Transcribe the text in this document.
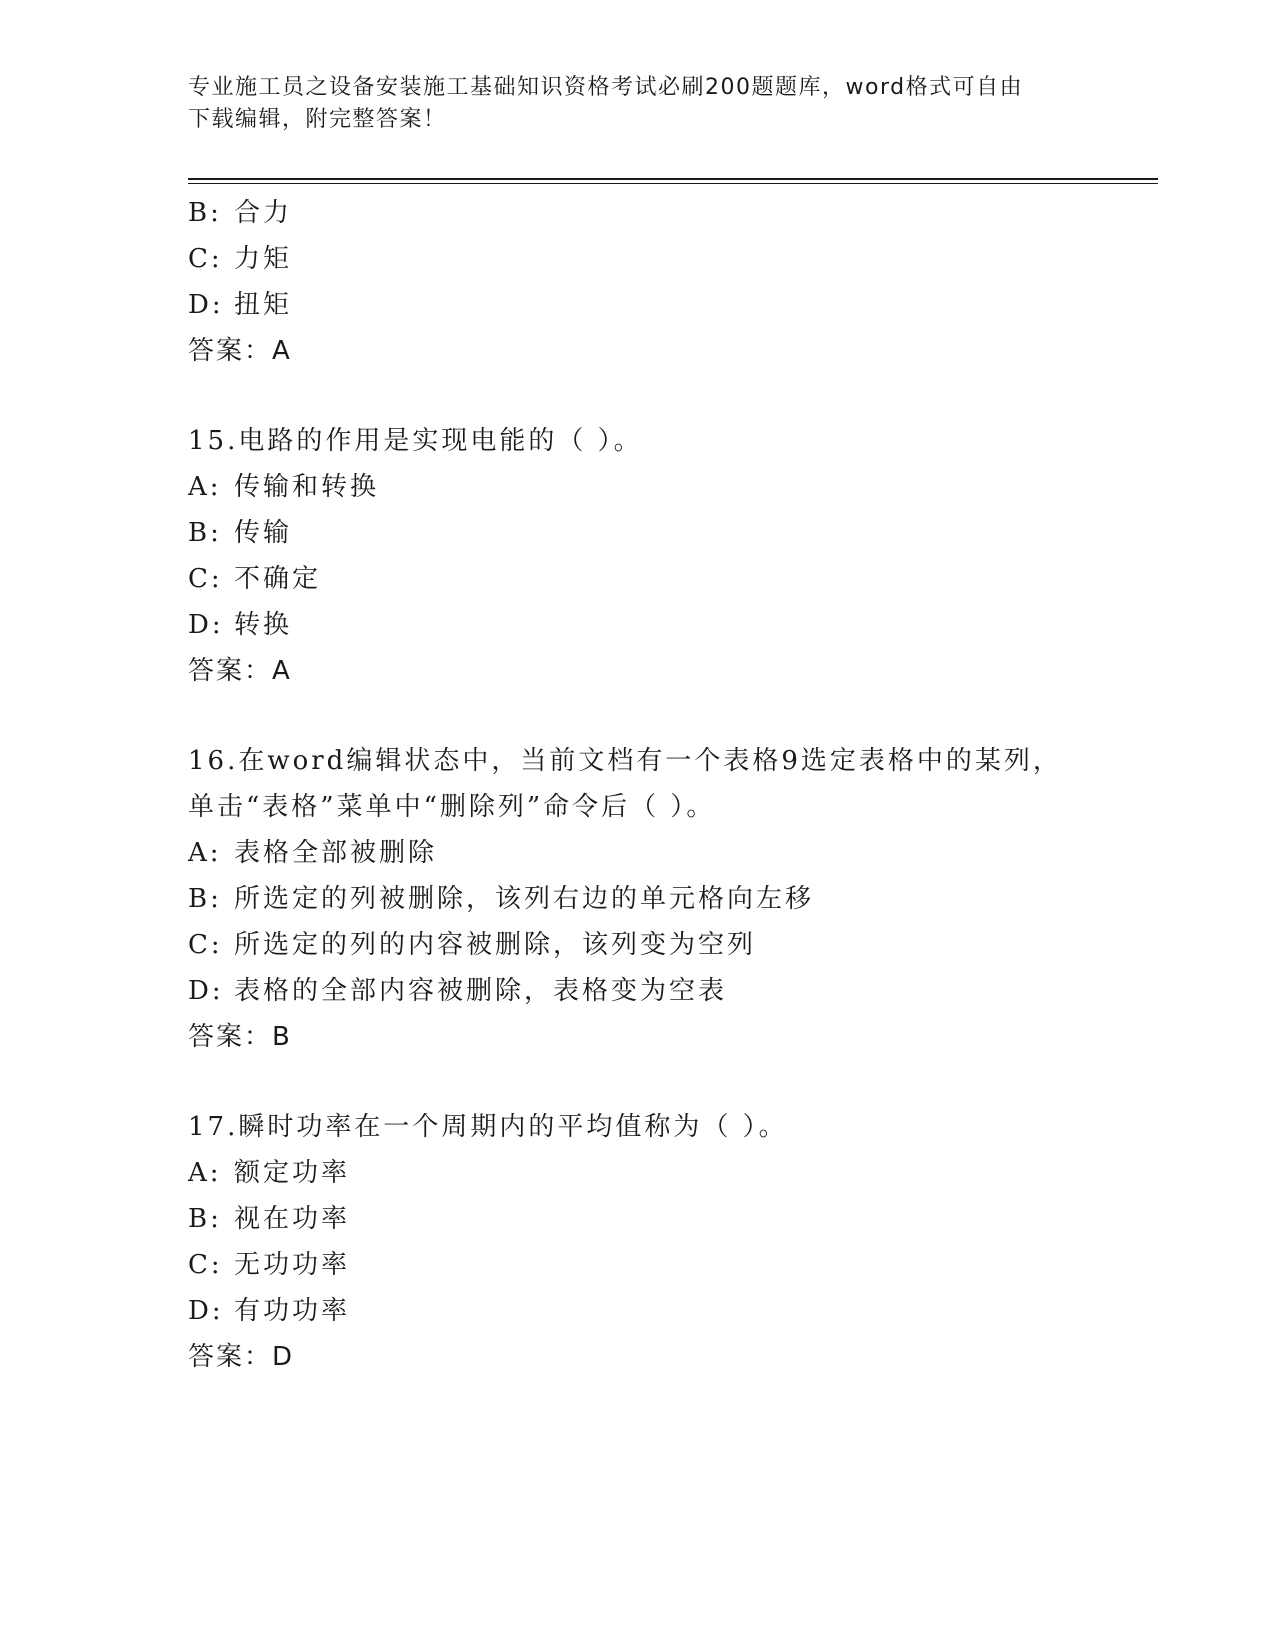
专业施工员之设备安装施工基础知识资格考试必刷200题题库，word格式可自由
下载编辑，附完整答案！
B: 合力
C: 力矩
D: 扭矩
答案：A
15.电路的作用是实现电能的（ ）。
A: 传输和转换
B: 传输
C: 不确定
D: 转换
答案：A
16.在word编辑状态中，当前文档有一个表格9选定表格中的某列，
单击“表格”菜单中“删除列”命令后（ ）。
A: 表格全部被删除
B: 所选定的列被删除，该列右边的单元格向左移
C: 所选定的列的内容被删除，该列变为空列
D: 表格的全部内容被删除，表格变为空表
答案：B
17.瞬时功率在一个周期内的平均值称为（ ）。
A: 额定功率
B: 视在功率
C: 无功功率
D: 有功功率
答案：D
